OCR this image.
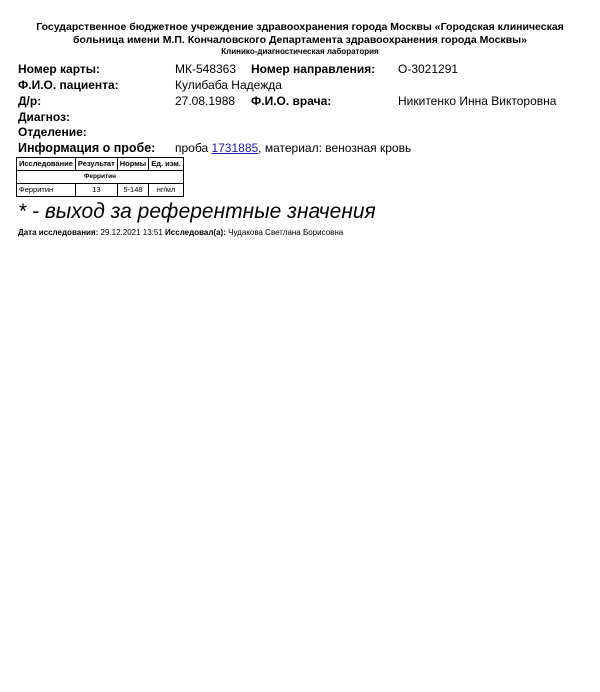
Государственное бюджетное учреждение здравоохранения города Москвы «Городская клиническая больница имени М.П. Кончаловского Департамента здравоохранения города Москвы»
Клинико-диагностическая лаборатория
Номер карты:	МК-548363 Номер направления: О-3021291
Ф.И.О. пациента:	Кулибаба Надежда
Д/р:	27.08.1988 Ф.И.О. врача:	Никитенко Инна Викторовна
Диагноз:
Отделение:
Информация о пробе: проба 1731885, материал: венозная кровь
Исследование	Результат	Нормы	Ед. изм.
Ферритин			
Ферритин	13	5-148	нг/мл
* - выход за референтные значения
Дата исследования: 29.12.2021 13:51 Исследовал(а): Чудакова Светлана Борисовна
